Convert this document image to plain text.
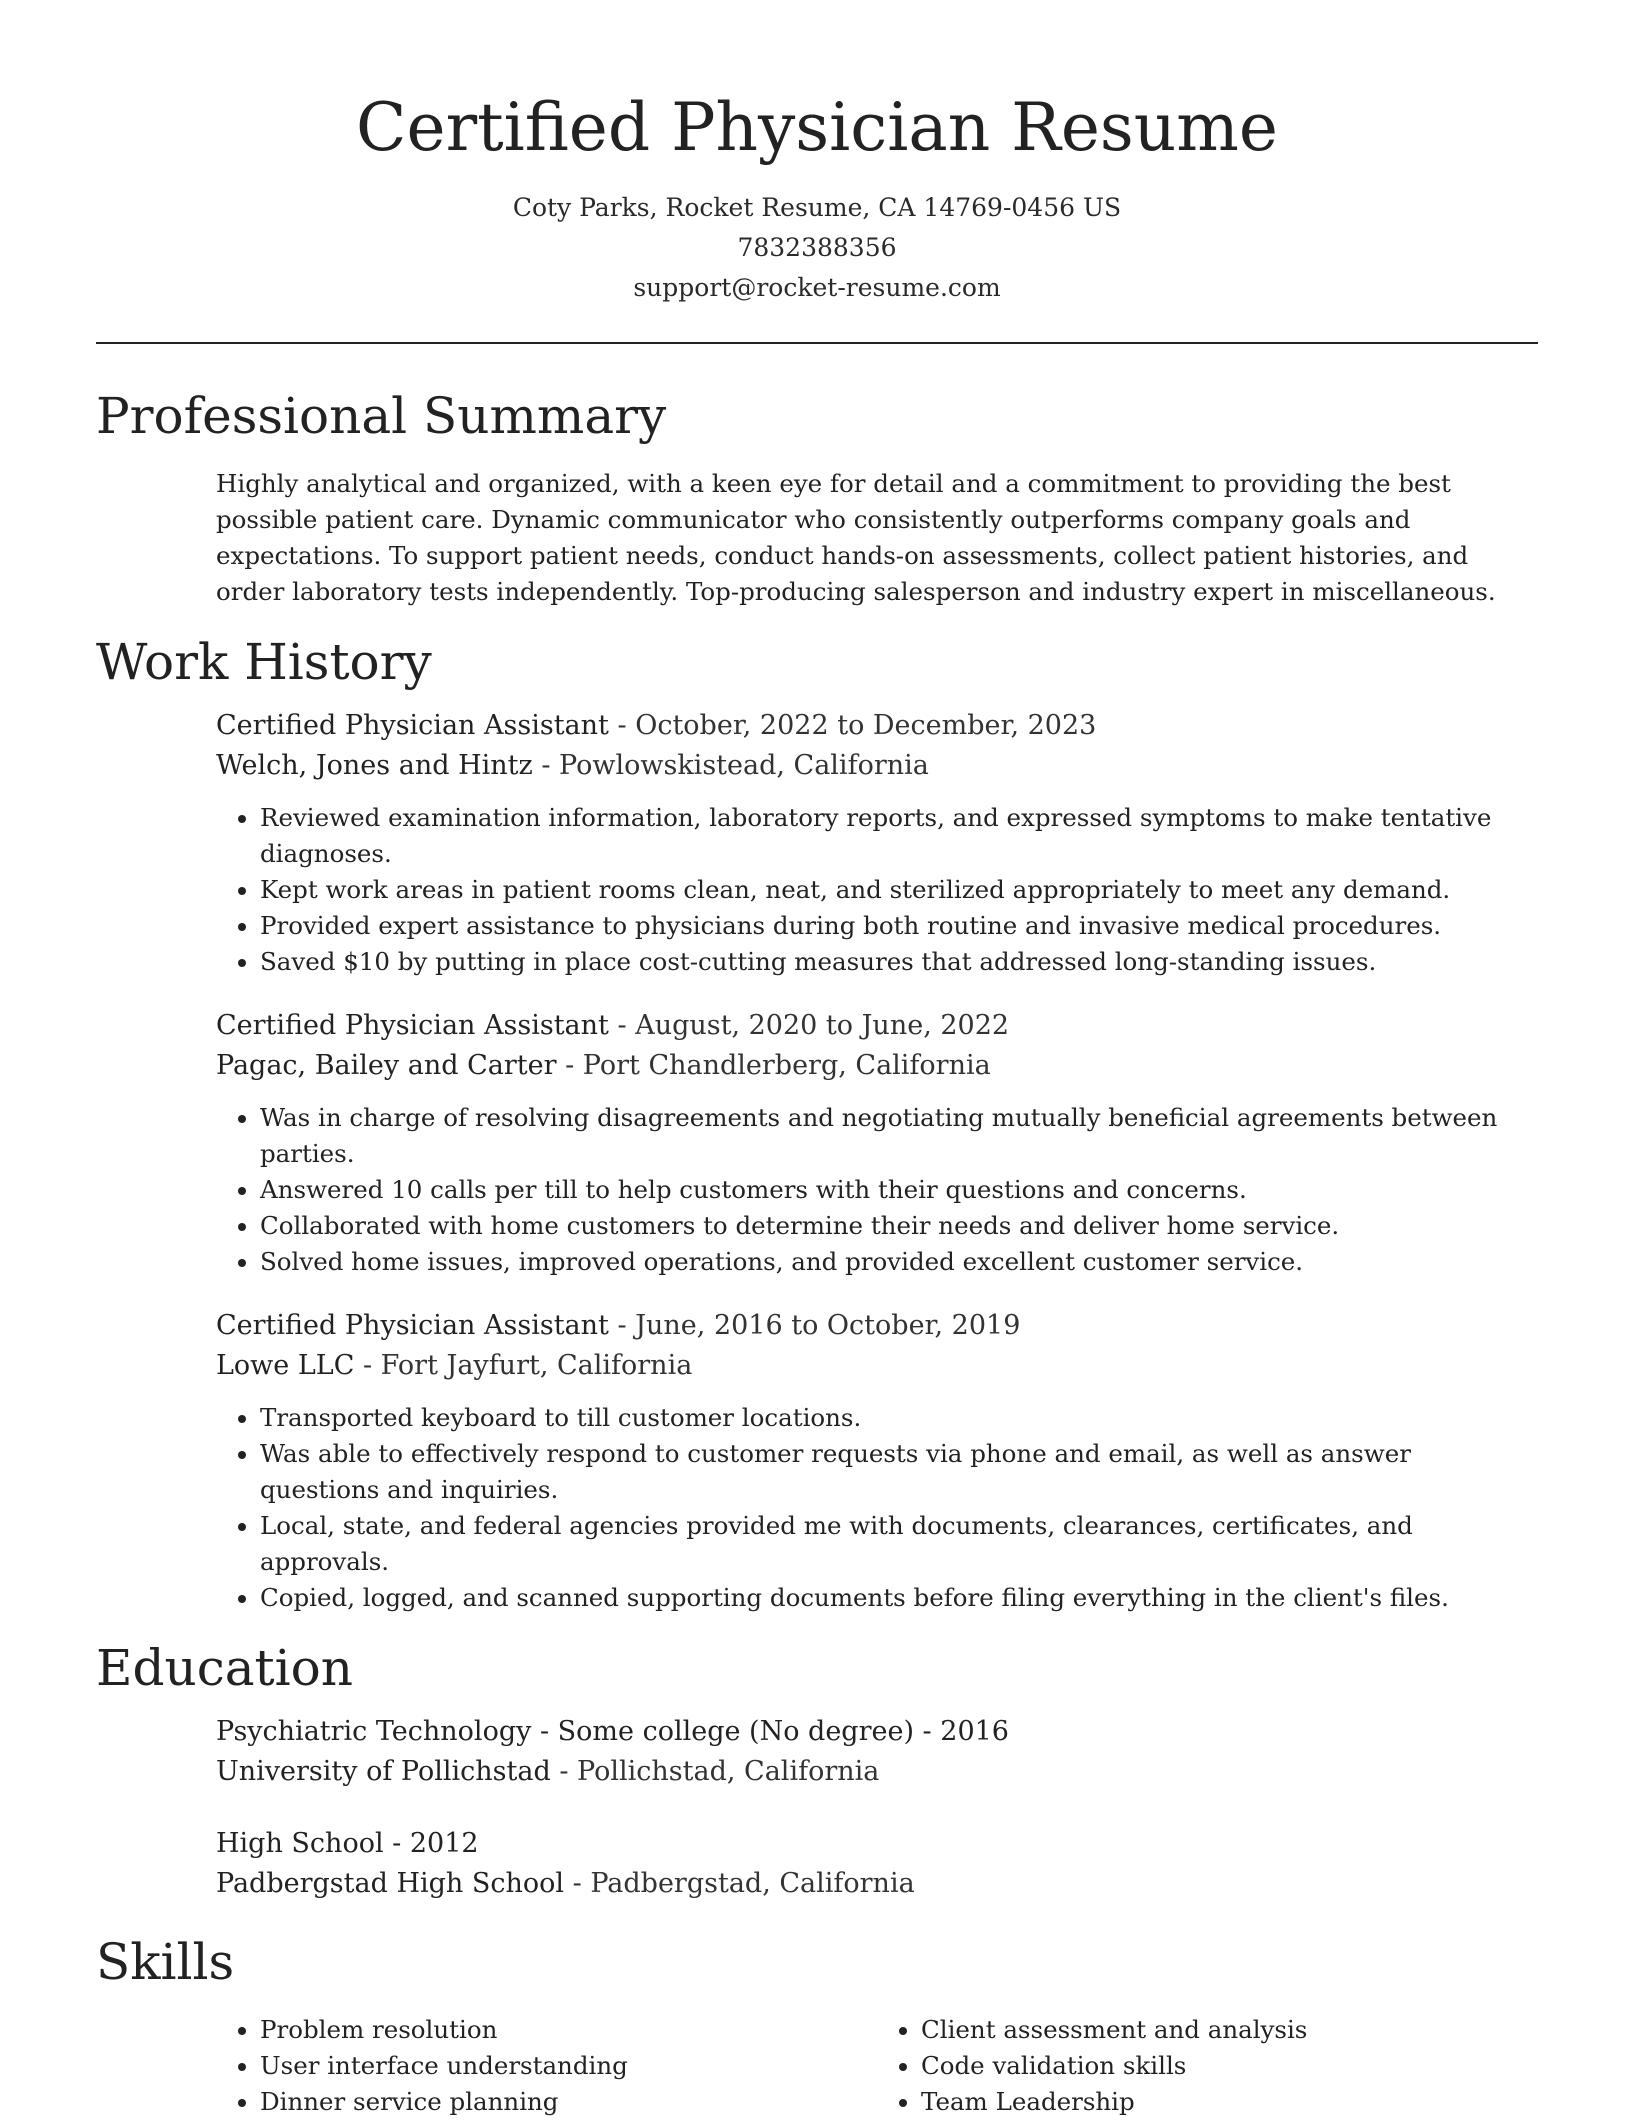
Certified Physician Resume
Coty Parks, Rocket Resume, CA 14769-0456 US
7832388356
support@rocket-resume.com
Professional Summary
Highly analytical and organized, with a keen eye for detail and a commitment to providing the best possible patient care. Dynamic communicator who consistently outperforms company goals and expectations. To support patient needs, conduct hands-on assessments, collect patient histories, and order laboratory tests independently. Top-producing salesperson and industry expert in miscellaneous.
Work History
Certified Physician Assistant - October, 2022 to December, 2023
Welch, Jones and Hintz - Powlowskistead, California
• Reviewed examination information, laboratory reports, and expressed symptoms to make tentative diagnoses.
• Kept work areas in patient rooms clean, neat, and sterilized appropriately to meet any demand.
• Provided expert assistance to physicians during both routine and invasive medical procedures.
• Saved $10 by putting in place cost-cutting measures that addressed long-standing issues.
Certified Physician Assistant - August, 2020 to June, 2022
Pagac, Bailey and Carter - Port Chandlerberg, California
• Was in charge of resolving disagreements and negotiating mutually beneficial agreements between parties.
• Answered 10 calls per till to help customers with their questions and concerns.
• Collaborated with home customers to determine their needs and deliver home service.
• Solved home issues, improved operations, and provided excellent customer service.
Certified Physician Assistant - June, 2016 to October, 2019
Lowe LLC - Fort Jayfurt, California
• Transported keyboard to till customer locations.
• Was able to effectively respond to customer requests via phone and email, as well as answer questions and inquiries.
• Local, state, and federal agencies provided me with documents, clearances, certificates, and approvals.
• Copied, logged, and scanned supporting documents before filing everything in the client's files.
Education
Psychiatric Technology - Some college (No degree) - 2016
University of Pollichstad - Pollichstad, California
High School - 2012
Padbergstad High School - Padbergstad, California
Skills
• Problem resolution
• User interface understanding
• Dinner service planning
• Client assessment and analysis
• Code validation skills
• Team Leadership
